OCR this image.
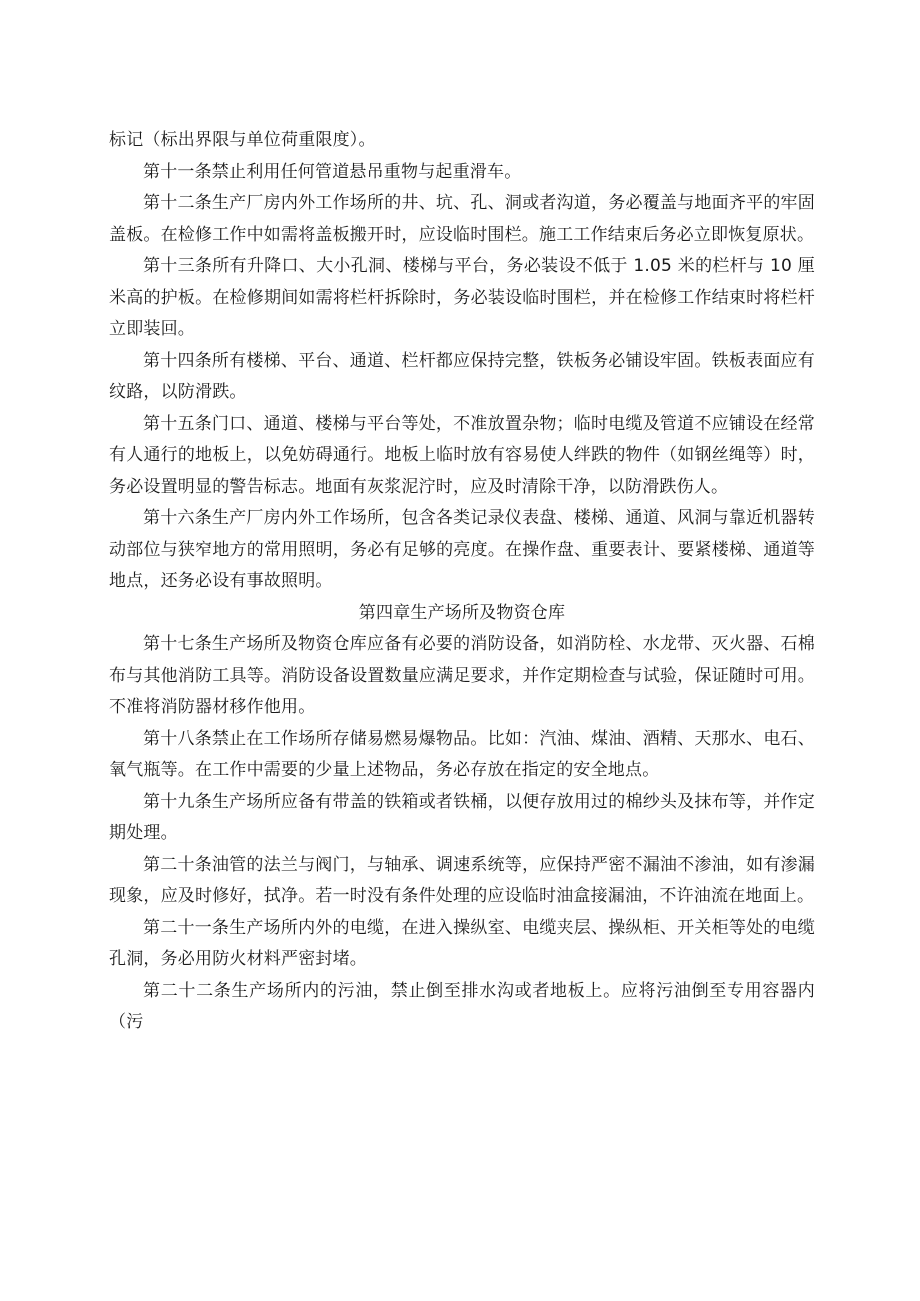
标记（标出界限与单位荷重限度）。

第十一条禁止利用任何管道悬吊重物与起重滑车。

第十二条生产厂房内外工作场所的井、坑、孔、洞或者沟道，务必覆盖与地面齐平的牢固盖板。在检修工作中如需将盖板搬开时，应设临时围栏。施工工作结束后务必立即恢复原状。

第十三条所有升降口、大小孔洞、楼梯与平台，务必装设不低于 1.05 米的栏杆与 10 厘米高的护板。在检修期间如需将栏杆拆除时，务必装设临时围栏，并在检修工作结束时将栏杆立即装回。

第十四条所有楼梯、平台、通道、栏杆都应保持完整，铁板务必铺设牢固。铁板表面应有纹路，以防滑跌。

第十五条门口、通道、楼梯与平台等处，不准放置杂物；临时电缆及管道不应铺设在经常有人通行的地板上，以免妨碍通行。地板上临时放有容易使人绊跌的物件（如钢丝绳等）时，务必设置明显的警告标志。地面有灰浆泥泞时，应及时清除干净，以防滑跌伤人。

第十六条生产厂房内外工作场所，包含各类记录仪表盘、楼梯、通道、风洞与靠近机器转动部位与狭窄地方的常用照明，务必有足够的亮度。在操作盘、重要表计、要紧楼梯、通道等地点，还务必设有事故照明。

第四章生产场所及物资仓库

第十七条生产场所及物资仓库应备有必要的消防设备，如消防栓、水龙带、灭火器、石棉布与其他消防工具等。消防设备设置数量应满足要求，并作定期检查与试验，保证随时可用。不准将消防器材移作他用。

第十八条禁止在工作场所存储易燃易爆物品。比如：汽油、煤油、酒精、天那水、电石、氧气瓶等。在工作中需要的少量上述物品，务必存放在指定的安全地点。

第十九条生产场所应备有带盖的铁箱或者铁桶，以便存放用过的棉纱头及抹布等，并作定期处理。

第二十条油管的法兰与阀门，与轴承、调速系统等，应保持严密不漏油不渗油，如有渗漏现象，应及时修好，拭净。若一时没有条件处理的应设临时油盒接漏油，不许油流在地面上。

第二十一条生产场所内外的电缆，在进入操纵室、电缆夹层、操纵柜、开关柜等处的电缆孔洞，务必用防火材料严密封堵。

第二十二条生产场所内的污油，禁止倒至排水沟或者地板上。应将污油倒至专用容器内（污
